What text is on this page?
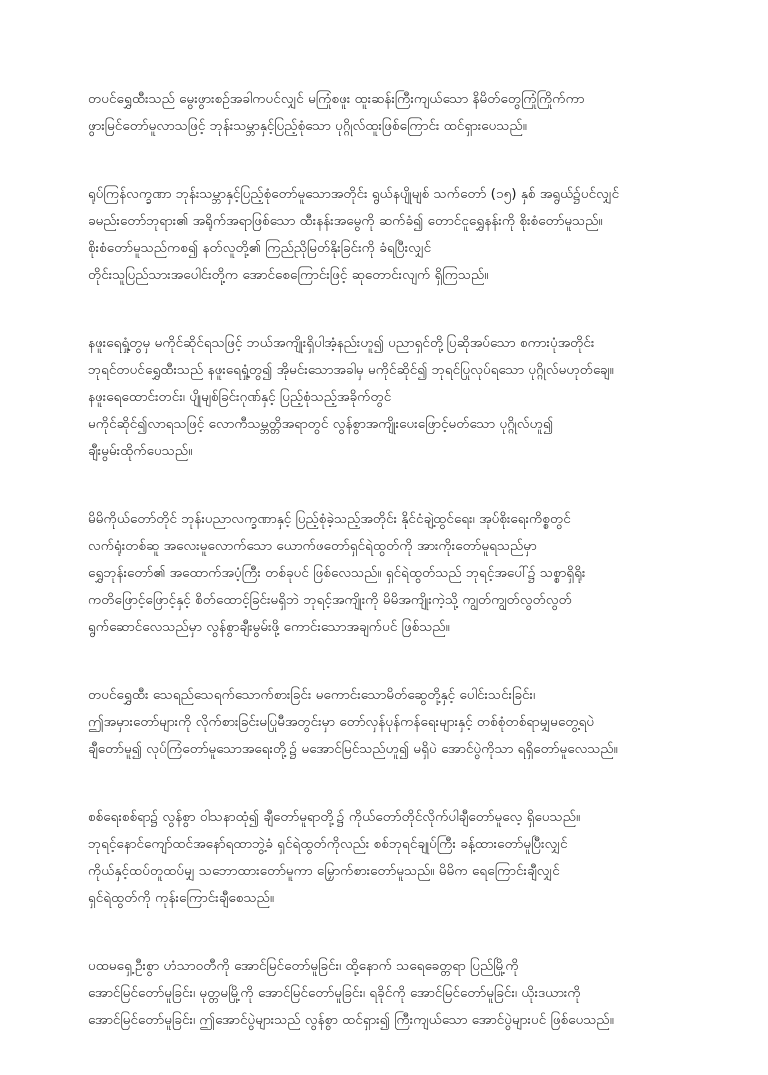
တပင်ရွှေထီးသည် မွေးဖွားစဉ်အခါကပင်လျှင် မကြုံစဖူး ထူးဆန်းကြီးကျယ်သော နိမိတ်တွေကြုံကြိုက်ကာ
ဖွားမြင်တော်မူလာသဖြင့် ဘုန်းသမ္ဘာနှင့်ပြည့်စုံသော ပုဂ္ဂိုလ်ထူးဖြစ်ကြောင်း ထင်ရှားပေသည်။

ရုပ်ကြန်လက္ခဏာ ဘုန်းသမ္ဘာနှင့်ပြည့်စုံတော်မူသောအတိုင်း ရွယ်နပျိုမျစ် သက်တော် (၁၅) နှစ် အရွယ်၌ပင်လျှင်
ခမည်းတော်ဘုရား၏ အရိုက်အရာဖြစ်သော ထီးနန်းအမွေကို ဆက်ခံ၍ တောင်ငူရွှေနန်းကို စိုးစံတော်မူသည်။
စိုးစံတော်မူသည်ကစ၍ နတ်လူတို့၏ ကြည်ညိုမြတ်နိုးခြင်းကို ခံရပြီးလျှင်
တိုင်းသူပြည်သားအပေါင်းတို့က အောင်စေကြောင်းဖြင့် ဆုတောင်းလျက် ရှိကြသည်။

နဖူးရေရှုံ့တွမှ မကိုင်ဆိုင်ရသဖြင့် ဘယ်အကျိုးရှိပါအံ့နည်းဟူ၍ ပညာရှင်တို့ပြဆိုအပ်သော စကားပုံအတိုင်း
ဘုရင်တပင်ရွှေထီးသည် နဖူးရေရှုံ့တွ၍ အိုမင်းသောအခါမှ မကိုင်ဆိုင်၍ ဘုရင်ပြုလုပ်ရသော ပုဂ္ဂိုလ်မဟုတ်ချေ။
နဖူးရေထောင်းတင်း၊ ပျိုမျစ်ခြင်းဂုဏ်နှင့် ပြည့်စုံသည့်အခိုက်တွင်
မကိုင်ဆိုင်၍လာရသဖြင့် လောကီသမ္ဘတ္တိအရာတွင် လွန်စွာအကျိုးပေးဖြောင့်မတ်သော ပုဂ္ဂိုလ်ဟူ၍
ချီးမွမ်းထိုက်ပေသည်။

မိမိကိုယ်တော်တိုင် ဘုန်းပညာလက္ခဏာနှင့် ပြည့်စုံခဲ့သည့်အတိုင်း နိုင်ငံချဲ့ထွင်ရေး၊ အုပ်စိုးရေးကိစ္စတွင်
လက်ရုံးတစ်ဆူ အလေးမူလောက်သော ယောက်ဖတော်ရှင်ရဲထွတ်ကို အားကိုးတော်မူရသည်မှာ
ရွှေဘုန်းတော်၏ အထောက်အပံ့ကြီး တစ်ခုပင် ဖြစ်လေသည်။ ရှင်ရဲထွတ်သည် ဘုရင့်အပေါ်၌ သစ္စာရှိရိုး
ကတိဖြောင့်ဖြောင့်နှင့် စိတ်ထောင့်ခြင်းမရှိဘဲ ဘုရင့်အကျိုးကို မိမိအကျိုးကဲ့သို့ ကျွတ်ကျွတ်လွတ်လွတ်
ရွက်ဆောင်လေသည်မှာ လွန်စွာချီးမွမ်းဖို့ ကောင်းသောအချက်ပင် ဖြစ်သည်။

တပင်ရွှေထီး သေရည်သေရက်သောက်စားခြင်း မကောင်းသောမိတ်ဆွေတို့နှင့် ပေါင်းသင်းခြင်း၊
ဤအမှားတော်များကို လိုက်စားခြင်းမပြုမီအတွင်းမှာ တော်လှန်ပုန်ကန်ရေးများနှင့် တစ်စုံတစ်ရာမျှမတွေ့ရပဲ
ချီတော်မူ၍ လုပ်ကြံတော်မူသောအရေးတို့၌ မအောင်မြင်သည်ဟူ၍ မရှိပဲ အောင်ပွဲကိုသာ ရရှိတော်မူလေသည်။

စစ်ရေးစစ်ရာ၌ လွန်စွာ ဝါသနာထုံ၍ ချီတော်မူရာတို့၌ ကိုယ်တော်တိုင်လိုက်ပါချီတော်မူလေ့ ရှိပေသည်။
ဘုရင့်နောင်ကျော်ထင်အနော်ရထာဘွဲ့ခံ ရှင်ရဲထွတ်ကိုလည်း စစ်ဘုရင်ချုပ်ကြီး ခန့်ထားတော်မူပြီးလျှင်
ကိုယ်နှင့်ထပ်တူထပ်မျှ သဘောထားတော်မူကာ မြှောက်စားတော်မူသည်။ မိမိက ရေကြောင်းချီလျှင်
ရှင်ရဲထွတ်ကို ကုန်းကြောင်းချီစေသည်။

ပထမရှေ့ဦးစွာ ဟံသာဝတီကို အောင်မြင်တော်မူခြင်း၊ ထို့နောက် သရေခေတ္တရာ ပြည်မြို့ကို
အောင်မြင်တော်မူခြင်း၊ မုတ္တမမြို့ကို အောင်မြင်တော်မူခြင်း၊ ရခိုင်ကို အောင်မြင်တော်မူခြင်း၊ ယိုးဒယားကို
အောင်မြင်တော်မူခြင်း၊ ဤအောင်ပွဲများသည် လွန်စွာ ထင်ရှား၍ ကြီးကျယ်သော အောင်ပွဲများပင် ဖြစ်ပေသည်။
